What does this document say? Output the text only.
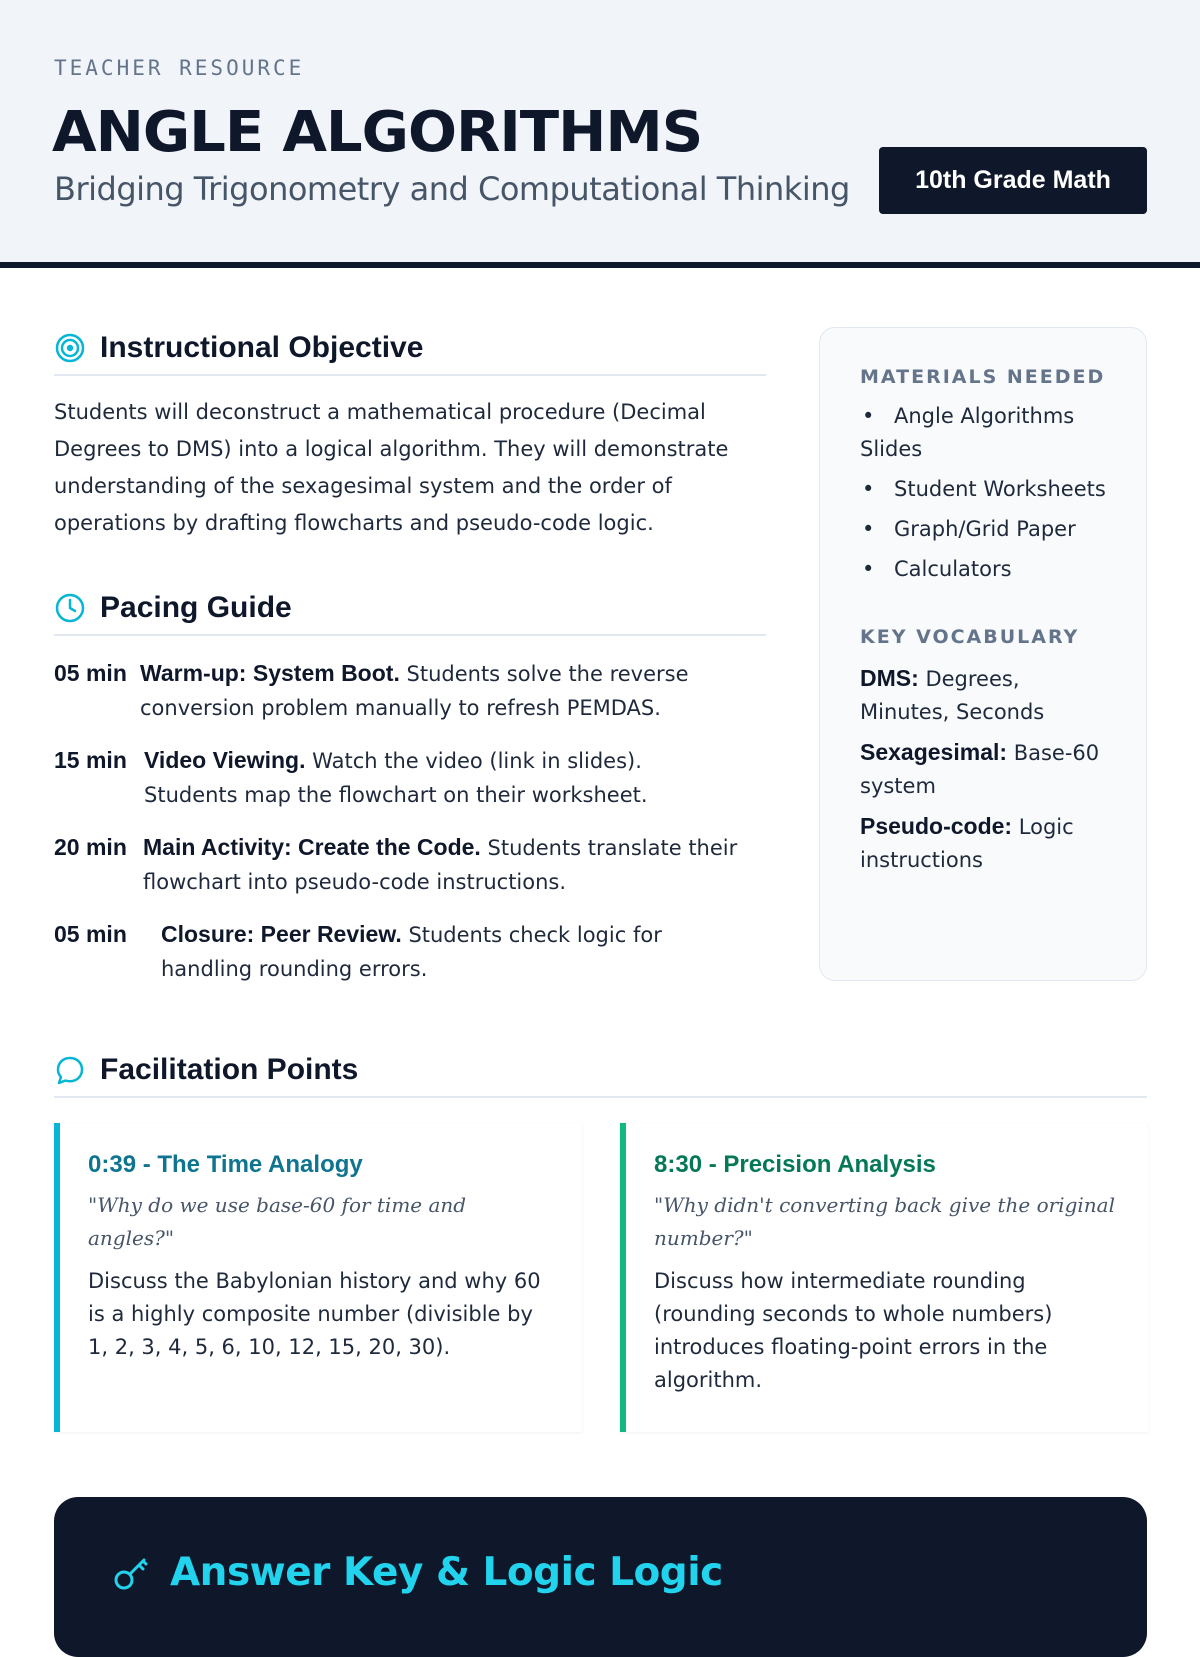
TEACHER RESOURCE
ANGLE ALGORITHMS
Bridging Trigonometry and Computational Thinking	10th Grade Math
Instructional Objective
Students will deconstruct a mathematical procedure (Decimal Degrees to DMS) into a logical algorithm. They will demonstrate understanding of the sexagesimal system and the order of operations by drafting flowcharts and pseudo-code logic.
Pacing Guide
05 min Warm-up: System Boot. Students solve the reverse conversion problem manually to refresh PEMDAS.
15 min Video Viewing. Watch the video (link in slides). Students map the flowchart on their worksheet.
20 min Main Activity: Create the Code. Students translate their flowchart into pseudo-code instructions.
05 min	Closure: Peer Review. Students check logic for handling rounding errors.
MATERIALS NEEDED
• Angle Algorithms Slides
• Student Worksheets
• Graph/Grid Paper
• Calculators
KEY VOCABULARY
DMS: Degrees, Minutes, Seconds
Sexagesimal: Base-60 system
Pseudo-code: Logic instructions
Facilitation Points
0:39 - The Time Analogy
"Why do we use base-60 for time and angles?"
Discuss the Babylonian history and why 60 is a highly composite number (divisible by 1, 2, 3, 4, 5, 6, 10, 12, 15, 20, 30).
8:30 - Precision Analysis
"Why didn't converting back give the original number?"
Discuss how intermediate rounding (rounding seconds to whole numbers) introduces floating-point errors in the algorithm.
Answer Key & Logic Logic
